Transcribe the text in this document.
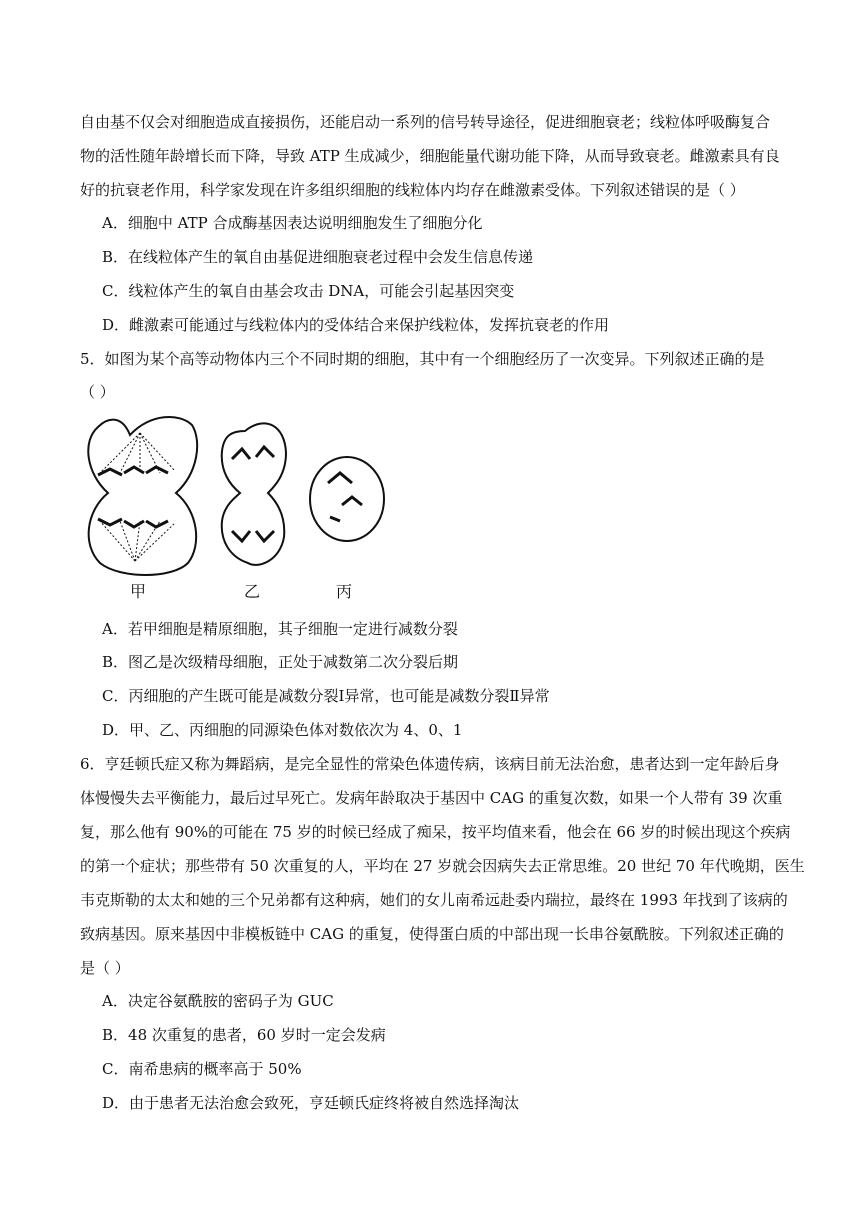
自由基不仅会对细胞造成直接损伤，还能启动一系列的信号转导途径，促进细胞衰老；线粒体呼吸酶复合
物的活性随年龄增长而下降，导致 ATP 生成减少，细胞能量代谢功能下降，从而导致衰老。雌激素具有良
好的抗衰老作用，科学家发现在许多组织细胞的线粒体内均存在雌激素受体。下列叙述错误的是（ ）
A．细胞中 ATP 合成酶基因表达说明细胞发生了细胞分化
B．在线粒体产生的氧自由基促进细胞衰老过程中会发生信息传递
C．线粒体产生的氧自由基会攻击 DNA，可能会引起基因突变
D．雌激素可能通过与线粒体内的受体结合来保护线粒体，发挥抗衰老的作用
5．如图为某个高等动物体内三个不同时期的细胞，其中有一个细胞经历了一次变异。下列叙述正确的是
（ ）
甲	乙	丙
A．若甲细胞是精原细胞，其子细胞一定进行减数分裂
B．图乙是次级精母细胞，正处于减数第二次分裂后期
C．丙细胞的产生既可能是减数分裂Ⅰ异常，也可能是减数分裂Ⅱ异常
D．甲、乙、丙细胞的同源染色体对数依次为 4、0、1
6．亨廷顿氏症又称为舞蹈病，是完全显性的常染色体遗传病，该病目前无法治愈，患者达到一定年龄后身
体慢慢失去平衡能力，最后过早死亡。发病年龄取决于基因中 CAG 的重复次数，如果一个人带有 39 次重
复，那么他有 90%的可能在 75 岁的时候已经成了痴呆，按平均值来看，他会在 66 岁的时候出现这个疾病
的第一个症状；那些带有 50 次重复的人，平均在 27 岁就会因病失去正常思维。20 世纪 70 年代晚期，医生
韦克斯勒的太太和她的三个兄弟都有这种病，她们的女儿南希远赴委内瑞拉，最终在 1993 年找到了该病的
致病基因。原来基因中非模板链中 CAG 的重复，使得蛋白质的中部出现一长串谷氨酰胺。下列叙述正确的
是（ ）
A．决定谷氨酰胺的密码子为 GUC
B．48 次重复的患者，60 岁时一定会发病
C．南希患病的概率高于 50%
D．由于患者无法治愈会致死，亨廷顿氏症终将被自然选择淘汰
